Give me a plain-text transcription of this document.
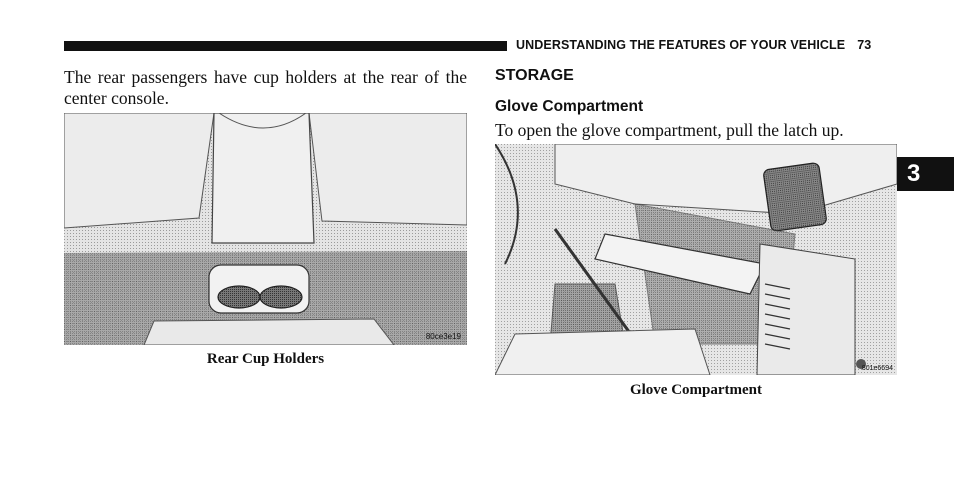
UNDERSTANDING THE FEATURES OF YOUR VEHICLE 73
3
The rear passengers have cup holders at the rear of the center console.
80ce3e19
Rear Cup Holders
STORAGE
Glove Compartment
To open the glove compartment, pull the latch up.
801e6694
Glove Compartment
